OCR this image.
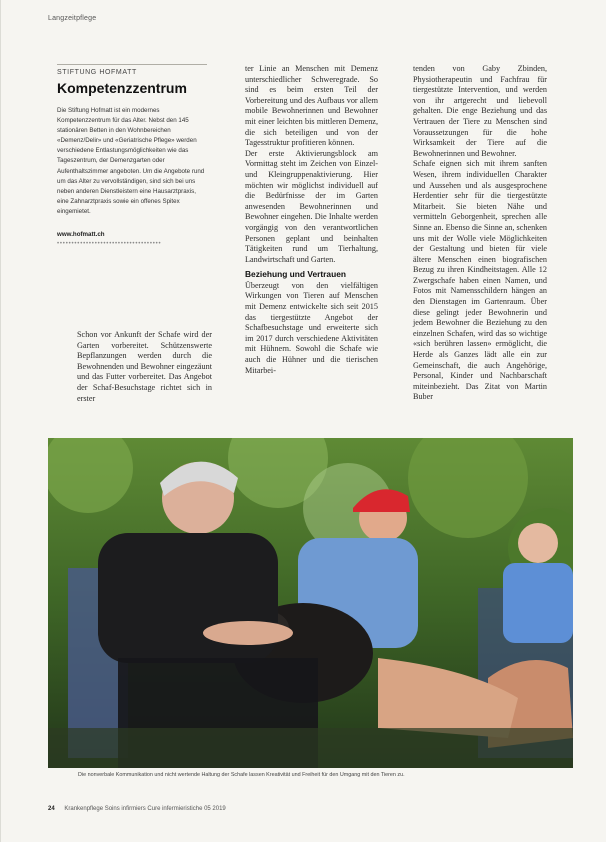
Langzeitpflege
STIFTUNG HOFMATT
Kompetenzzentrum

Die Stiftung Hofmatt ist ein modernes Kompetenzzentrum für das Alter. Nebst den 145 stationären Betten in den Wohnbereichen «Demenz/Delir» und «Geriatrische Pflege» werden verschiedene Entlastungsmöglichkeiten wie das Tageszentrum, der Demenzgarten oder Aufenthaltszimmer angeboten. Um die Angebote rund um das Alter zu vervollständigen, sind sich bei uns neben anderen Dienstleistern eine Hausarztpraxis, eine Zahnarztpraxis sowie ein offenes Spitex eingemietet.

www.hofmatt.ch
••••••••••••••••••••••••••••••••••••

Schon vor Ankunft der Schafe wird der Garten vorbereitet. Schützenswerte Bepflanzungen werden durch die Bewohnenden und Bewohner eingezäunt und das Futter vorbereitet. Das Angebot der Schaf-Besuchstage richtet sich in erster

ter Linie an Menschen mit Demenz unterschiedlicher Schweregrade. So sind es beim ersten Teil der Vorbereitung und des Aufbaus vor allem mobile Bewohnerinnen und Bewohner mit einer leichten bis mittleren Demenz, die sich beteiligen und von der Tagesstruktur profitieren können.

Der erste Aktivierungsblock am Vormittag steht im Zeichen von Einzel- und Kleingruppenaktivierung. Hier möchten wir möglichst individuell auf die Bedürfnisse der im Garten anwesenden Bewohnerinnen und Bewohner eingehen. Die Inhalte werden vorgängig von den verantwortlichen Personen geplant und beinhalten Tätigkeiten rund um Tierhaltung, Landwirtschaft und Garten.

Beziehung und Vertrauen

Überzeugt von den vielfältigen Wirkungen von Tieren auf Menschen mit Demenz entwickelte sich seit 2015 das tiergestützte Angebot der Schafbesuchstage und erweiterte sich im 2017 durch verschiedene Aktivitäten mit Hühnern. Sowohl die Schafe wie auch die Hühner und die tierischen Mitarbei-

tenden von Gaby Zbinden, Physiotherapeutin und Fachfrau für tiergestützte Intervention, und werden von ihr artgerecht und liebevoll gehalten. Die enge Beziehung und das Vertrauen der Tiere zu Menschen sind Voraussetzungen für die hohe Wirksamkeit der Tiere auf die Bewohnerinnen und Bewohner.

Schafe eignen sich mit ihrem sanften Wesen, ihrem individuellen Charakter und Aussehen und als ausgesprochene Herdentier sehr für die tiergestützte Mitarbeit. Sie bieten Nähe und vermitteln Geborgenheit, sprechen alle Sinne an. Ebenso die Sinne an, schenken uns mit der Wolle viele Möglichkeiten der Gestaltung und bieten für viele ältere Menschen einen biografischen Bezug zu ihren Kindheitstagen. Alle 12 Zwergschafe haben einen Namen, und Fotos mit Namensschildern hängen an den Dienstagen im Gartenraum. Über diese gelingt jeder Bewohnerin und jedem Bewohner die Beziehung zu den einzelnen Schafen, wird das so wichtige «sich berühren lassen» ermöglicht, die Herde als Ganzes lädt alle ein zur Gemeinschaft, die auch Angehörige, Personal, Kinder und Nachbarschaft miteinbezieht. Das Zitat von Martin Buber

Die nonverbale Kommunikation und nicht wertende Haltung der Schafe lassen Kreativität und Freiheit für den Umgang mit den Tieren zu.
24 Krankenpflege Soins infirmiers Cure infermieristiche 05 2019
